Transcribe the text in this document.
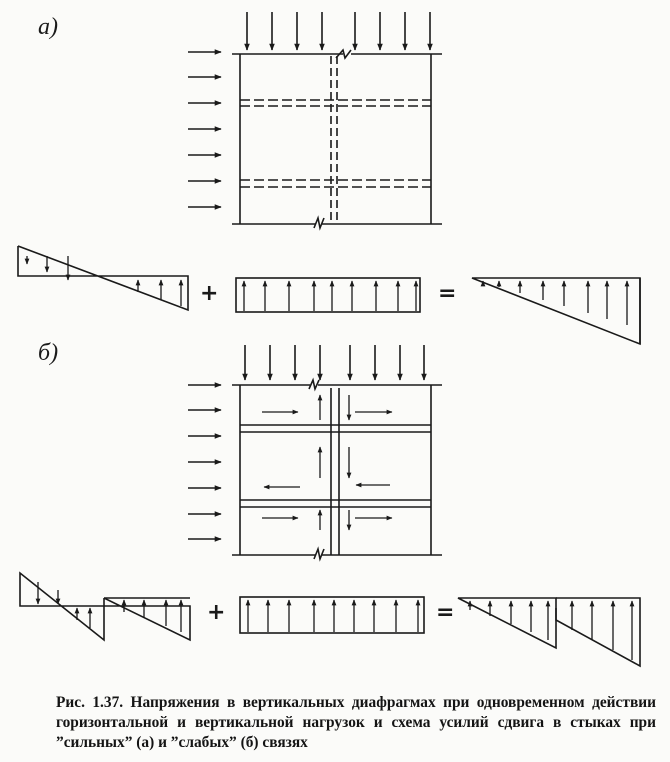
а)
б)
+	=
+	=
Рис. 1.37. Напряжения в вертикальных диафрагмах при одновременном действии горизонтальной и вертикальной нагрузок и схема усилий сдвига в стыках при ”сильных” (а) и ”слабых” (б) связях
